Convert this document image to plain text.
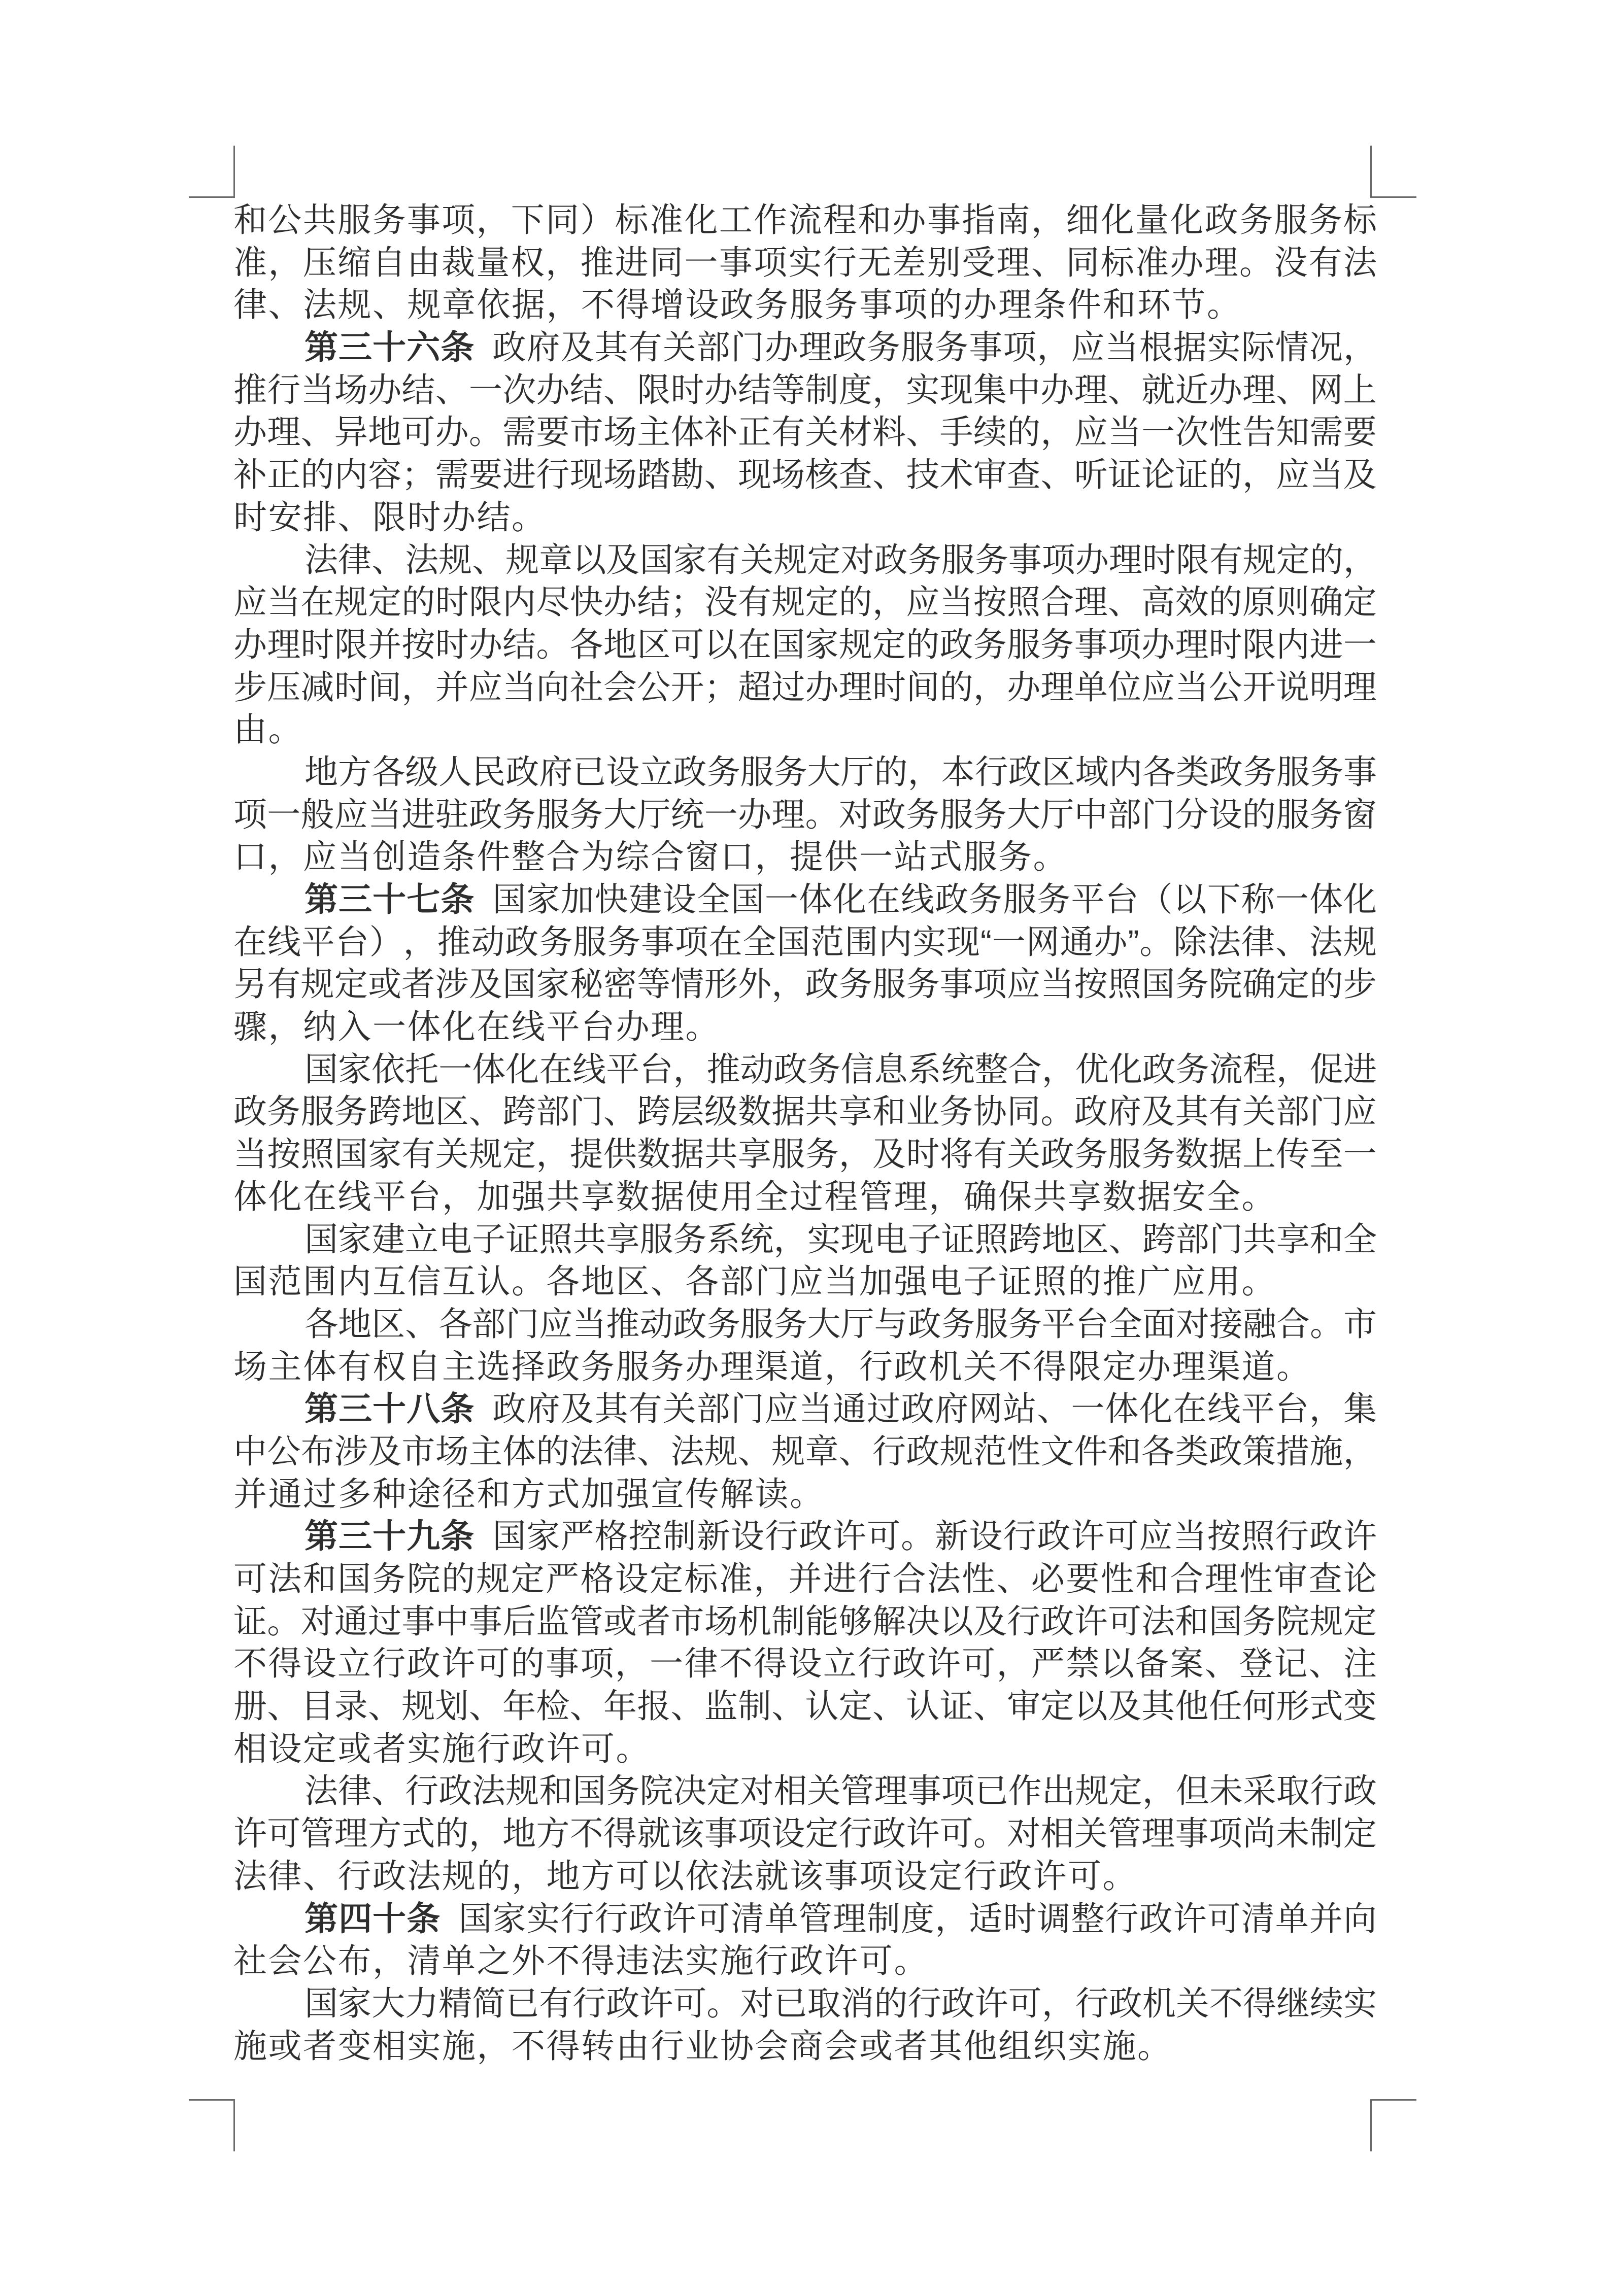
和 公 共 服 务 事 项 ， 下 同 ） 标 准 化 工 作 流 程 和 办 事 指 南 ， 细 化 量 化 政 务 服 务 标
准 ， 压 缩 自 由 裁 量 权 ， 推 进 同 一 事 项 实 行 无 差 别 受 理 、 同 标 准 办 理 。 没 有 法
律、法规、规章依据，不得增设政务服务事项的办理条件和环节。
第 三 十 六 条 政 府 及 其 有 关 部 门 办 理 政 务 服 务 事 项 ， 应 当 根 据 实 际 情 况 ，
推 行 当 场 办 结 、 一 次 办 结 、 限 时 办 结 等 制 度 ， 实 现 集 中 办 理 、 就 近 办 理 、 网 上
办 理 、 异 地 可 办 。 需 要 市 场 主 体 补 正 有 关 材 料 、 手 续 的 ， 应 当 一 次 性 告 知 需 要
补 正 的 内 容 ； 需 要 进 行 现 场 踏 勘 、 现 场 核 查 、 技 术 审 查 、 听 证 论 证 的 ， 应 当 及
时安排、限时办结。
法 律 、 法 规 、 规 章 以 及 国 家 有 关 规 定 对 政 务 服 务 事 项 办 理 时 限 有 规 定 的 ，
应 当 在 规 定 的 时 限 内 尽 快 办 结 ； 没 有 规 定 的 ， 应 当 按 照 合 理 、 高 效 的 原 则 确 定
办 理 时 限 并 按 时 办 结 。 各 地 区 可 以 在 国 家 规 定 的 政 务 服 务 事 项 办 理 时 限 内 进 一
步 压 减 时 间 ， 并 应 当 向 社 会 公 开 ； 超 过 办 理 时 间 的 ， 办 理 单 位 应 当 公 开 说 明 理
由。
地 方 各 级 人 民 政 府 已 设 立 政 务 服 务 大 厅 的 ， 本 行 政 区 域 内 各 类 政 务 服 务 事
项 一 般 应 当 进 驻 政 务 服 务 大 厅 统 一 办 理 。 对 政 务 服 务 大 厅 中 部 门 分 设 的 服 务 窗
口，应当创造条件整合为综合窗口，提供一站式服务。
第 三 十 七 条 国 家 加 快 建 设 全 国 一 体 化 在 线 政 务 服 务 平 台 （ 以 下 称 一 体 化
在 线 平 台 ） ， 推 动 政 务 服 务 事 项 在 全 国 范 围 内 实 现 “ 一 网 通 办 ” 。 除 法 律 、 法 规
另 有 规 定 或 者 涉 及 国 家 秘 密 等 情 形 外 ， 政 务 服 务 事 项 应 当 按 照 国 务 院 确 定 的 步
骤，纳入一体化在线平台办理。
国 家 依 托 一 体 化 在 线 平 台 ， 推 动 政 务 信 息 系 统 整 合 ， 优 化 政 务 流 程 ， 促 进
政 务 服 务 跨 地 区 、 跨 部 门 、 跨 层 级 数 据 共 享 和 业 务 协 同 。 政 府 及 其 有 关 部 门 应
当 按 照 国 家 有 关 规 定 ， 提 供 数 据 共 享 服 务 ， 及 时 将 有 关 政 务 服 务 数 据 上 传 至 一
体化在线平台，加强共享数据使用全过程管理，确保共享数据安全。
国 家 建 立 电 子 证 照 共 享 服 务 系 统 ， 实 现 电 子 证 照 跨 地 区 、 跨 部 门 共 享 和 全
国范围内互信互认。各地区、各部门应当加强电子证照的推广应用。
各 地 区 、 各 部 门 应 当 推 动 政 务 服 务 大 厅 与 政 务 服 务 平 台 全 面 对 接 融 合 。 市
场主体有权自主选择政务服务办理渠道，行政机关不得限定办理渠道。
第 三 十 八 条 政 府 及 其 有 关 部 门 应 当 通 过 政 府 网 站 、 一 体 化 在 线 平 台 ， 集
中 公 布 涉 及 市 场 主 体 的 法 律 、 法 规 、 规 章 、 行 政 规 范 性 文 件 和 各 类 政 策 措 施 ，
并通过多种途径和方式加强宣传解读。
第 三 十 九 条 国 家 严 格 控 制 新 设 行 政 许 可 。 新 设 行 政 许 可 应 当 按 照 行 政 许
可 法 和 国 务 院 的 规 定 严 格 设 定 标 准 ， 并 进 行 合 法 性 、 必 要 性 和 合 理 性 审 查 论
证 。 对 通 过 事 中 事 后 监 管 或 者 市 场 机 制 能 够 解 决 以 及 行 政 许 可 法 和 国 务 院 规 定
不 得 设 立 行 政 许 可 的 事 项 ， 一 律 不 得 设 立 行 政 许 可 ， 严 禁 以 备 案 、 登 记 、 注
册 、 目 录 、 规 划 、 年 检 、 年 报 、 监 制 、 认 定 、 认 证 、 审 定 以 及 其 他 任 何 形 式 变
相设定或者实施行政许可。
法 律 、 行 政 法 规 和 国 务 院 决 定 对 相 关 管 理 事 项 已 作 出 规 定 ， 但 未 采 取 行 政
许 可 管 理 方 式 的 ， 地 方 不 得 就 该 事 项 设 定 行 政 许 可 。 对 相 关 管 理 事 项 尚 未 制 定
法律、行政法规的，地方可以依法就该事项设定行政许可。
第 四 十 条 国 家 实 行 行 政 许 可 清 单 管 理 制 度 ， 适 时 调 整 行 政 许 可 清 单 并 向
社会公布，清单之外不得违法实施行政许可。
国 家 大 力 精 简 已 有 行 政 许 可 。 对 已 取 消 的 行 政 许 可 ， 行 政 机 关 不 得 继 续 实
施或者变相实施，不得转由行业协会商会或者其他组织实施。
